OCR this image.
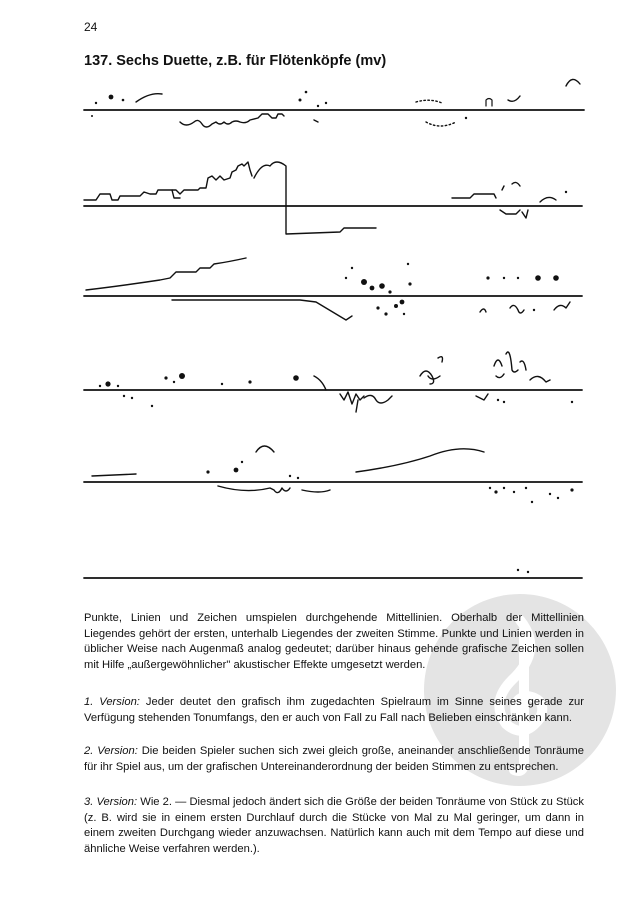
24
137. Sechs Duette, z.B. für Flötenköpfe (mv)

Punkte, Linien und Zeichen umspielen durchgehende Mittellinien. Oberhalb der Mittellinien Liegendes gehört der ersten, unterhalb Liegendes der zweiten Stimme. Punkte und Linien werden in üblicher Weise nach Augenmaß analog gedeutet; darüber hinaus gehende grafische Zeichen sollen mit Hilfe „außergewöhnlicher" akustischer Effekte umgesetzt werden.

1. Version: Jeder deutet den grafisch ihm zugedachten Spielraum im Sinne seines gerade zur Verfügung stehenden Tonumfangs, den er auch von Fall zu Fall nach Belieben einschränken kann.

2. Version: Die beiden Spieler suchen sich zwei gleich große, aneinander anschließende Tonräume für ihr Spiel aus, um der grafischen Untereinanderordnung der beiden Stimmen zu entsprechen.

3. Version: Wie 2. — Diesmal jedoch ändert sich die Größe der beiden Tonräume von Stück zu Stück (z. B. wird sie in einem ersten Durchlauf durch die Stücke von Mal zu Mal geringer, um dann in einem zweiten Durchgang wieder anzuwachsen. Natürlich kann auch mit dem Tempo auf diese und ähnliche Weise verfahren werden.).
